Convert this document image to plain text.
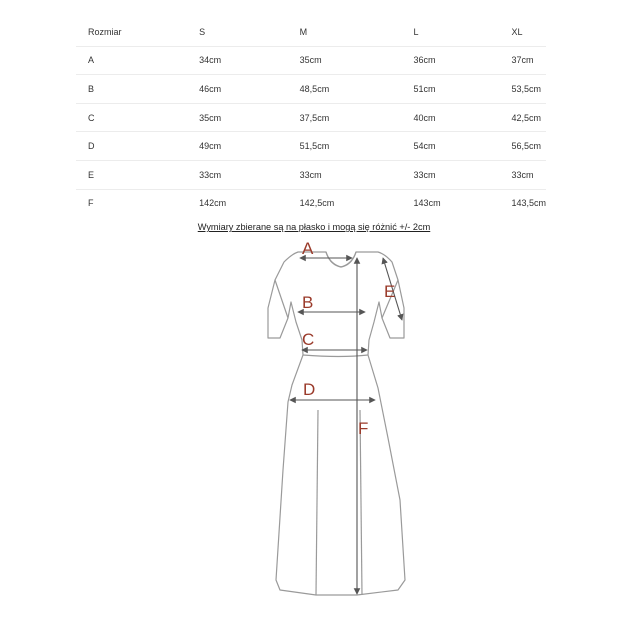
Rozmiar	S	M	L	XL
A	34cm	35cm	36cm	37cm
B	46cm	48,5cm	51cm	53,5cm
C	35cm	37,5cm	40cm	42,5cm
D	49cm	51,5cm	54cm	56,5cm
E	33cm	33cm	33cm	33cm
F	142cm	142,5cm	143cm	143,5cm
Wymiary zbierane są na płasko i mogą się różnić +/- 2cm
A
B
C
D
E
F
